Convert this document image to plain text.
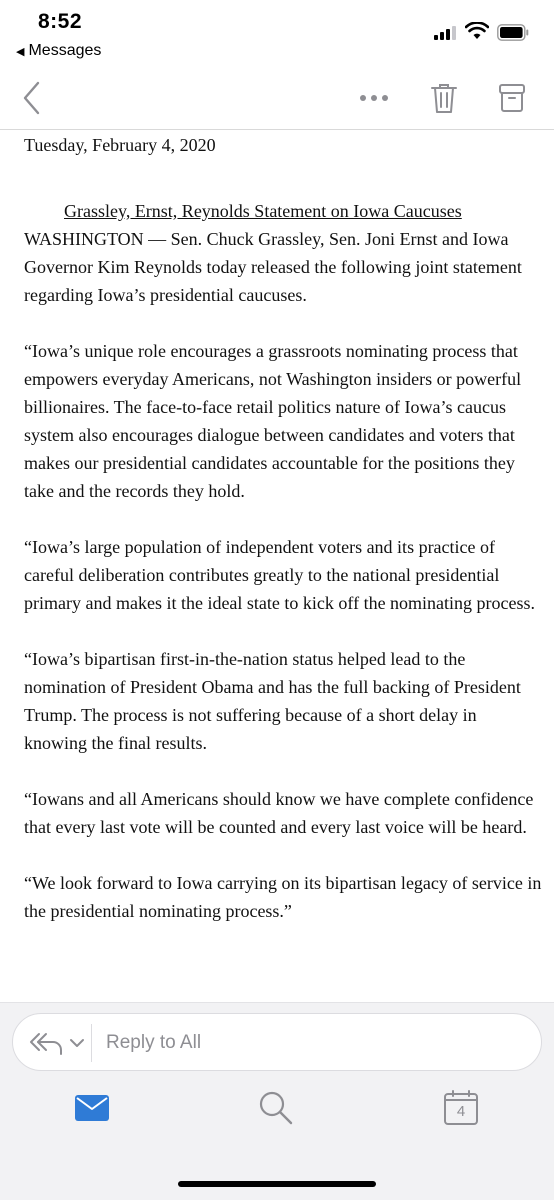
8:52
◀ Messages
Tuesday, February 4, 2020
Grassley, Ernst, Reynolds Statement on Iowa Caucuses
WASHINGTON — Sen. Chuck Grassley, Sen. Joni Ernst and Iowa Governor Kim Reynolds today released the following joint statement regarding Iowa’s presidential caucuses.
“Iowa’s unique role encourages a grassroots nominating process that empowers everyday Americans, not Washington insiders or powerful billionaires. The face-to-face retail politics nature of Iowa’s caucus system also encourages dialogue between candidates and voters that makes our presidential candidates accountable for the positions they take and the records they hold.
“Iowa’s large population of independent voters and its practice of careful deliberation contributes greatly to the national presidential primary and makes it the ideal state to kick off the nominating process.
“Iowa’s bipartisan first-in-the-nation status helped lead to the nomination of President Obama and has the full backing of President Trump. The process is not suffering because of a short delay in knowing the final results.
“Iowans and all Americans should know we have complete confidence that every last vote will be counted and every last voice will be heard.
“We look forward to Iowa carrying on its bipartisan legacy of service in the presidential nominating process.”
Reply to All
4
